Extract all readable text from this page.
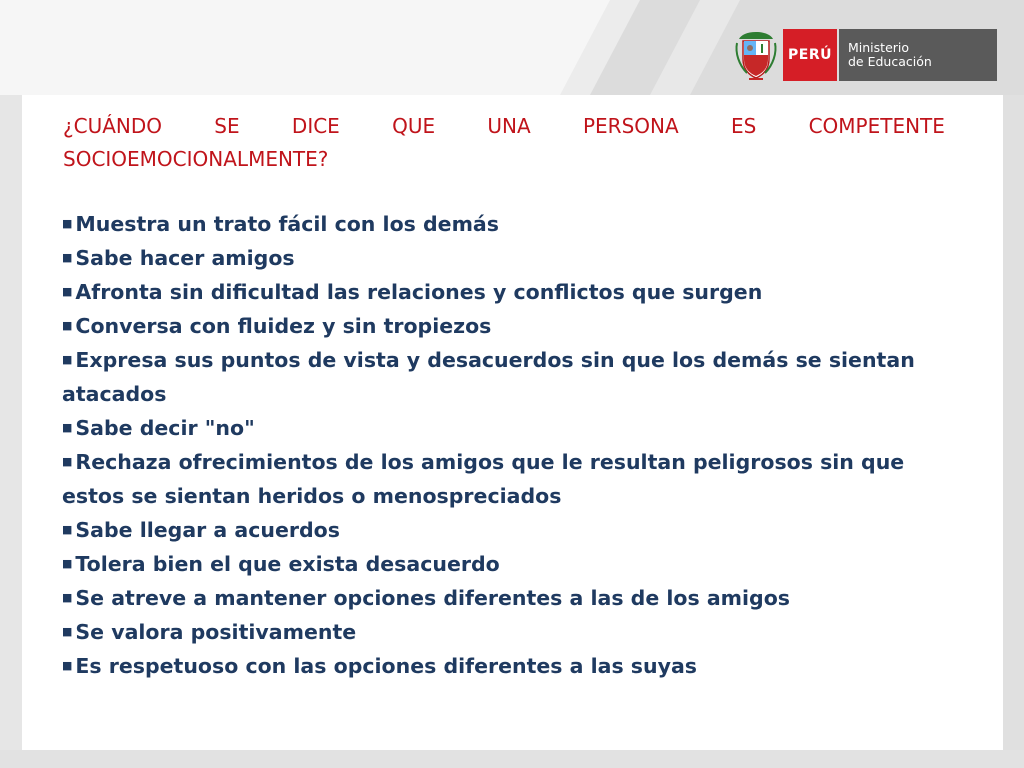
PERÚ	Ministerio
de Educación
¿CUÁNDO	SE	DICE	QUE	UNA	PERSONA	ES	COMPETENTE
SOCIOEMOCIONALMENTE?
■ Muestra un trato fácil con los demás
■ Sabe hacer amigos
■ Afronta sin dificultad las relaciones y conflictos que surgen
■ Conversa con fluidez y sin tropiezos
■ Expresa sus puntos de vista y desacuerdos sin que los demás se sientan atacados
■ Sabe decir "no"
■ Rechaza ofrecimientos de los amigos que le resultan peligrosos sin que estos se sientan heridos o menospreciados
■ Sabe llegar a acuerdos
■ Tolera bien el que exista desacuerdo
■ Se atreve a mantener opciones diferentes a las de los amigos
■ Se valora positivamente
■ Es respetuoso con las opciones diferentes a las suyas
